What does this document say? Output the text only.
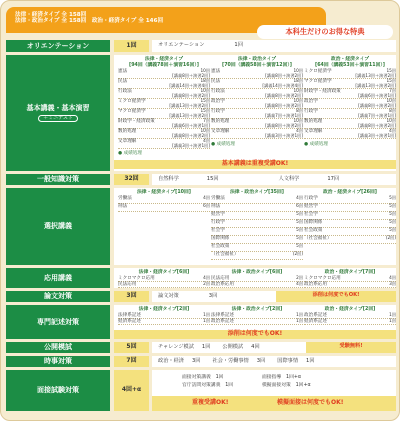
法律・経済タイプ 全 158回
法律・政治タイプ 全 158回　政治・経済タイプ 全 146回
本科生だけのお得な特典
オリエンテーション	1回	オリエンテーション	1回
基本講義・基本演習
＋ミニテスト
法律・経済タイプ
[94回（講義78回＋演習16回）]
憲法	10回
[講義8回＋演習2回]
民法	18回
[講義14回＋演習4回]
行政法	10回
[講義8回＋演習2回]
ミクロ経済学	15回
[講義13回＋演習2回]
マクロ経済学	15回
[講義13回＋演習2回]
財政学・経済政策	7回
[講義6回＋演習1回]
数的処理	10回
[講義8回＋演習2回]
文章理解	4回
[講義3回＋演習1回]
法律・政治タイプ
[70回（講義58回＋演習12回）]
憲法	10回
[講義8回＋演習2回]
民法	18回
[講義14回＋演習4回]
行政法	10回
[講義8回＋演習2回]
政治学	10回
[講義8回＋演習2回]
行政学	8回
[講義7回＋演習1回]
数的処理	10回
[講義8回＋演習2回]
文章理解	4回
[講義3回＋演習1回]
政治・経済タイプ
[64回（講義53回＋演習11回）]
ミクロ経済学	15回
[講義13回＋演習2回]
マクロ経済学	15回
[講義13回＋演習2回]
財政学・経済政策	7回
[講義6回＋演習1回]
政治学	10回
[講義8回＋演習2回]
行政学	8回
[講義7回＋演習1回]
数的処理	10回
[講義8回＋演習2回]
文章理解	4回
[講義3回＋演習1回]
● 成績処理
● 成績処理	● 成績処理
基本講義は重複受講OK!
一般知識対策	32回	自然科学	15回	人文科学	17回
選択講義
法律・経済タイプ[10回]
労働法	4回
刑法	6回
法律・政治タイプ[35回]
労働法	4回
刑法	6回
経営学	5回
行政学	5回
社会学	5回
国際関係	5回
社会政策	5回
（社会福祉）	(2回)
政治・経済タイプ[26回]
行政学	5回
経営学	5回
社会学	5回
国際関係	5回
社会政策	5回
（社会福祉）	(2回)
応用講義
法律・経済タイプ[6回]
ミクロマクロ応用	4回
民法応用	2回
法律・政治タイプ[6回]
民法応用	2回
政治系応用	4回
政治・経済タイプ[7回]
ミクロマクロ応用	4回
政治系応用	3回
論文対策	3回	論文対策	3回	添削は何度でもOK!
専門記述対策
法律・経済タイプ[2回]
法律系記述	1回
経済系記述	1回
法律・政治タイプ[2回]
法律系記述	1回
政治系記述	1回
政治・経済タイプ[2回]
政治系記述	1回
経済系記述	1回
添削は何度でもOK!
公開模試	5回	チャレンジ模試 1回 公開模試 4回	受験無料!
時事対策	7回	政治・経済 3回 社会・労働事情 3回 国際事情 1回
面接試験対策	4回+α
面接対策講義　 1回	面接指導　 1回+α
官庁訪問対策講義　 1回	模擬面接対策　 1回+α
重複受講OK!	模擬面接は何度でもOK!
